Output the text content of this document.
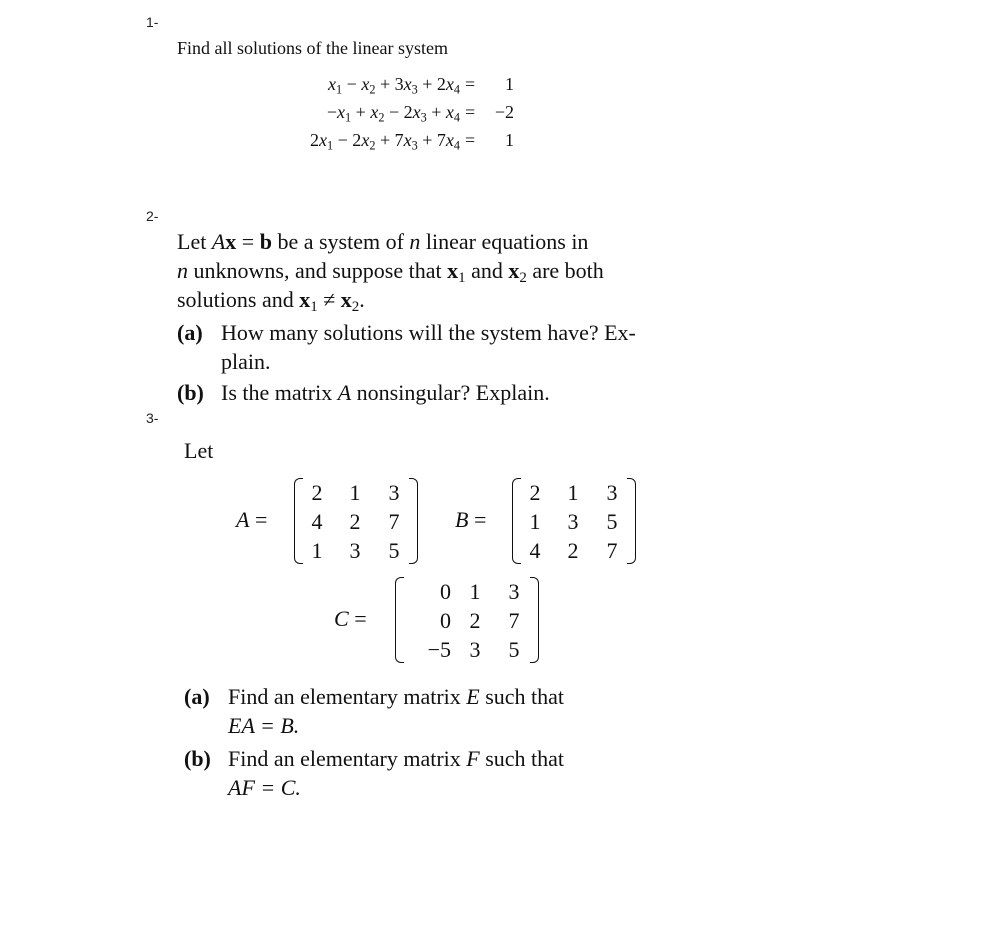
1-
Find all solutions of the linear system
$x_1 - x_2 + 3x_3 + 2x_4$ =	1
$-x_1 + x_2 - 2x_3 + x_4$ =	−2
$2x_1 - 2x_2 + 7x_3 + 7x_4$ =	1
2-
Let Ax = b be a system of n linear equations in
n unknowns, and suppose that $x_1$ and $x_2$ are both
solutions and $x_1 \ne x_2$.
(a) How many solutions will the system have? Ex-
plain.
(b) Is the matrix A nonsingular? Explain.
3-
Let
A =
2	1	3
4	2	7
1	3	5
B =
2	1	3
1	3	5
4	2	7
C =
0 1	3
0 2	7
−5 3	5
(a) Find an elementary matrix E such that
EA = B.
(b) Find an elementary matrix F such that
AF = C.
